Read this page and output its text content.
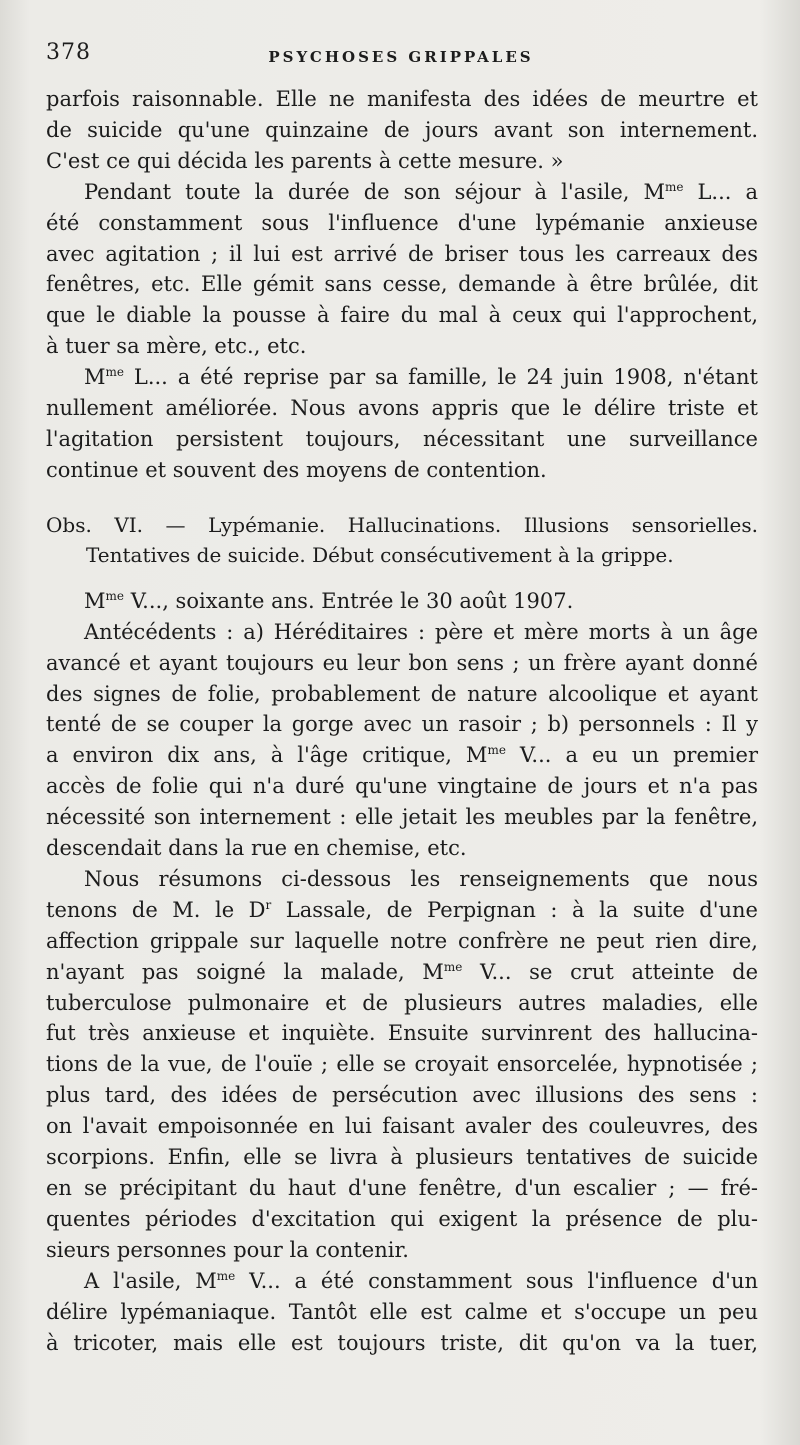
378	PSYCHOSES GRIPPALES
parfois raisonnable. Elle ne manifesta des idées de meurtre et
de suicide qu'une quinzaine de jours avant son internement.
C'est ce qui décida les parents à cette mesure. »
Pendant toute la durée de son séjour à l'asile, $M^{me}$ L... a
été constamment sous l'influence d'une lypémanie anxieuse
avec agitation ; il lui est arrivé de briser tous les carreaux des
fenêtres, etc. Elle gémit sans cesse, demande à être brûlée, dit
que le diable la pousse à faire du mal à ceux qui l'approchent,
à tuer sa mère, etc., etc.
$M^{me}$ L... a été reprise par sa famille, le 24 juin 1908, n'étant
nullement améliorée. Nous avons appris que le délire triste et
l'agitation persistent toujours, nécessitant une surveillance
continue et souvent des moyens de contention.
Obs. VI. — Lypémanie. Hallucinations. Illusions sensorielles.
Tentatives de suicide. Début consécutivement à la grippe.
$M^{me}$ V..., soixante ans. Entrée le 30 août 1907.
Antécédents : a) Héréditaires : père et mère morts à un âge
avancé et ayant toujours eu leur bon sens ; un frère ayant donné
des signes de folie, probablement de nature alcoolique et ayant
tenté de se couper la gorge avec un rasoir ; b) personnels : Il y
a environ dix ans, à l'âge critique, $M^{me}$ V... a eu un premier
accès de folie qui n'a duré qu'une vingtaine de jours et n'a pas
nécessité son internement : elle jetait les meubles par la fenêtre,
descendait dans la rue en chemise, etc.
Nous résumons ci-dessous les renseignements que nous
tenons de M. le $D^r$ Lassale, de Perpignan : à la suite d'une
affection grippale sur laquelle notre confrère ne peut rien dire,
n'ayant pas soigné la malade, $M^{me}$ V... se crut atteinte de
tuberculose pulmonaire et de plusieurs autres maladies, elle
fut très anxieuse et inquiète. Ensuite survinrent des hallucina-
tions de la vue, de l'ouïe ; elle se croyait ensorcelée, hypnotisée ;
plus tard, des idées de persécution avec illusions des sens :
on l'avait empoisonnée en lui faisant avaler des couleuvres, des
scorpions. Enfin, elle se livra à plusieurs tentatives de suicide
en se précipitant du haut d'une fenêtre, d'un escalier ; — fré-
quentes périodes d'excitation qui exigent la présence de plu-
sieurs personnes pour la contenir.
A l'asile, $M^{me}$ V... a été constamment sous l'influence d'un
délire lypémaniaque. Tantôt elle est calme et s'occupe un peu
à tricoter, mais elle est toujours triste, dit qu'on va la tuer,
